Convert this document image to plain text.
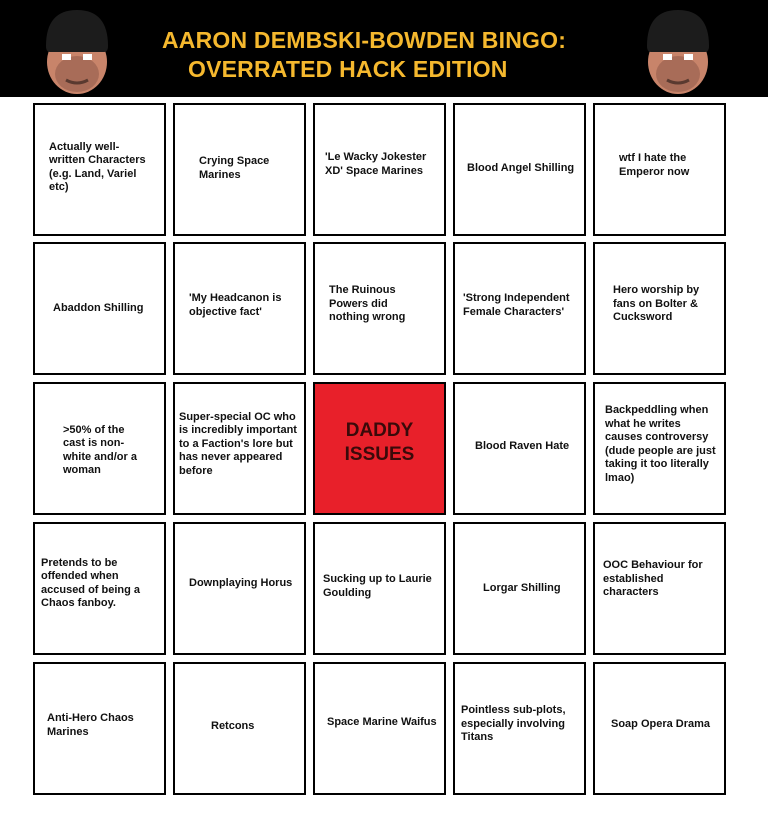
AARON DEMBSKI-BOWDEN BINGO:
OVERRATED HACK EDITION
Actually well-written Characters (e.g. Land, Variel etc)
Crying Space Marines
'Le Wacky Jokester XD' Space Marines	Blood Angel Shilling
wtf I hate the Emperor now
Abaddon Shilling
'My Headcanon is objective fact'
The Ruinous Powers did nothing wrong
'Strong Independent Female Characters'
Hero worship by fans on Bolter & Cucksword
>50% of the cast is non-white and/or a woman
Super-special OC who is incredibly important to a Faction's lore but has never appeared before
DADDY ISSUES	Blood Raven Hate
Backpeddling when what he writes causes controversy (dude people are just taking it too literally lmao)
Pretends to be offended when accused of being a Chaos fanboy.
Downplaying Horus	Sucking up to Laurie Goulding	Lorgar Shilling
OOC Behaviour for established characters
Anti-Hero Chaos Marines	Retcons	Space Marine Waifus
Pointless sub-plots, especially involving Titans
Soap Opera Drama
